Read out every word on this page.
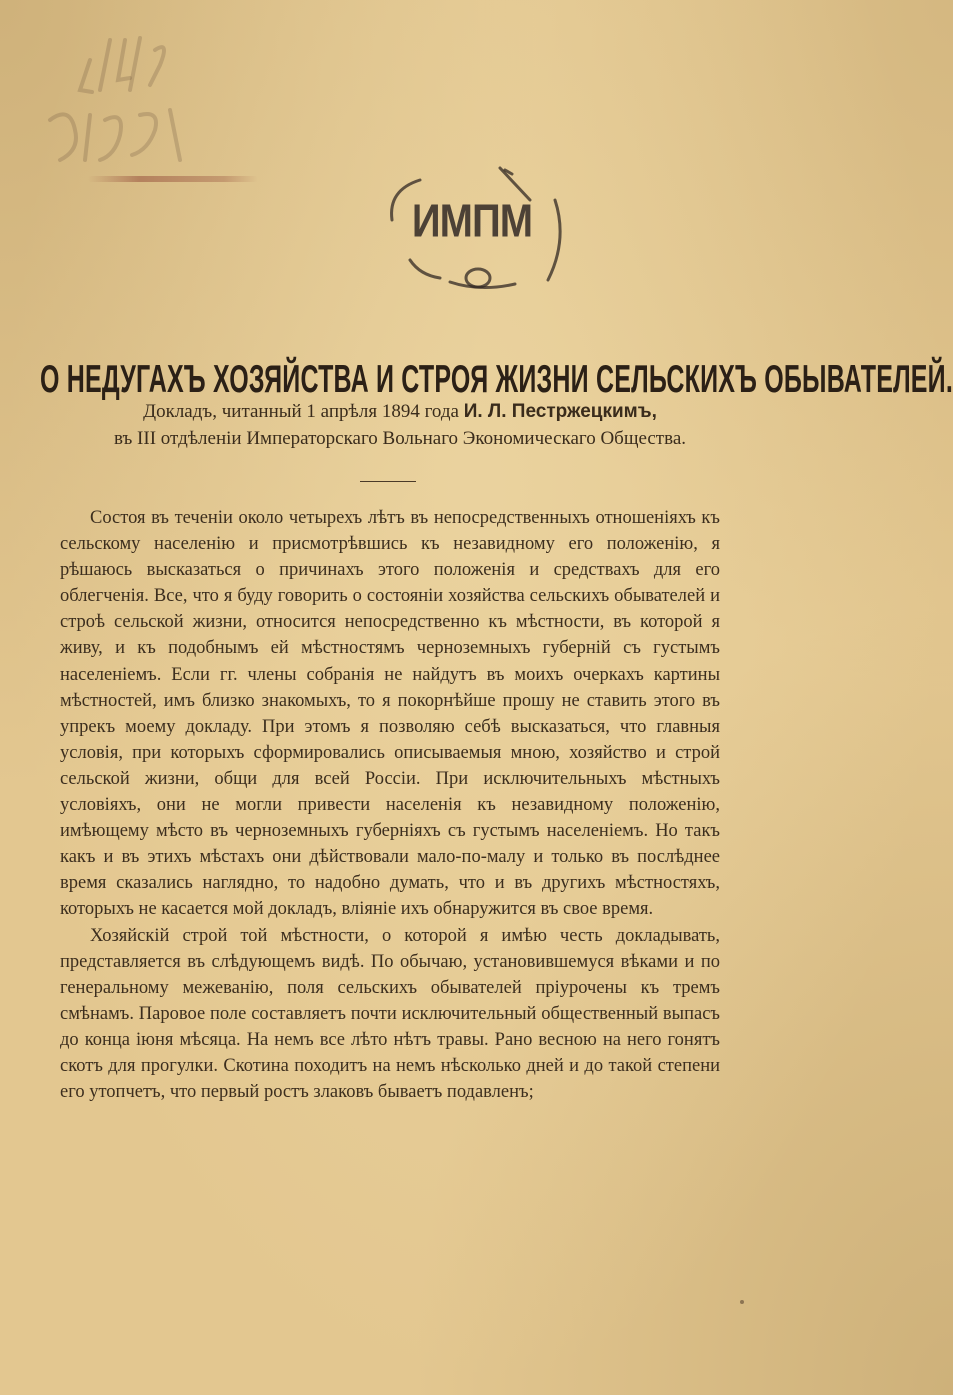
ИМПМ
О НЕДУГАХЪ ХОЗЯЙСТВА И СТРОЯ ЖИЗНИ СЕЛЬСКИХЪ ОБЫВАТЕЛЕЙ.
Докладъ, читанный 1 апрѣля 1894 года И. Л. Пестржецкимъ,
въ III отдѣленіи Императорскаго Вольнаго Экономическаго Общества.

Состоя въ теченіи около четырехъ лѣтъ въ непосредственныхъ отношеніяхъ къ сельскому населенію и присмотрѣвшись къ незавидному его положенію, я рѣшаюсь высказаться о причинахъ этого положенія и средствахъ для его облегченія. Все, что я буду говорить о состояніи хозяйства сельскихъ обывателей и строѣ сельской жизни, относится непосредственно къ мѣстности, въ которой я живу, и къ подобнымъ ей мѣстностямъ черноземныхъ губерній съ густымъ населеніемъ. Если гг. члены собранія не найдутъ въ моихъ очеркахъ картины мѣстностей, имъ близко знакомыхъ, то я покорнѣйше прошу не ставить этого въ упрекъ моему докладу. При этомъ я позволяю себѣ высказаться, что главныя условія, при которыхъ сформировались описываемыя мною, хозяйство и строй сельской жизни, общи для всей Россіи. При исключительныхъ мѣстныхъ условіяхъ, они не могли привести населенія къ незавидному положенію, имѣющему мѣсто въ черноземныхъ губерніяхъ съ густымъ населеніемъ. Но такъ какъ и въ этихъ мѣстахъ они дѣйствовали мало-по-малу и только въ послѣднее время сказались наглядно, то надобно думать, что и въ другихъ мѣстностяхъ, которыхъ не касается мой докладъ, вліяніе ихъ обнаружится въ свое время.

Хозяйскій строй той мѣстности, о которой я имѣю честь докладывать, представляется въ слѣдующемъ видѣ. По обычаю, установившемуся вѣками и по генеральному межеванію, поля сельскихъ обывателей пріурочены къ тремъ смѣнамъ. Паровое поле составляетъ почти исключительный общественный выпасъ до конца іюня мѣсяца. На немъ все лѣто нѣтъ травы. Рано весною на него гонятъ скотъ для прогулки. Скотина походитъ на немъ нѣсколько дней и до такой степени его утопчетъ, что первый ростъ злаковъ бываетъ подавленъ;
